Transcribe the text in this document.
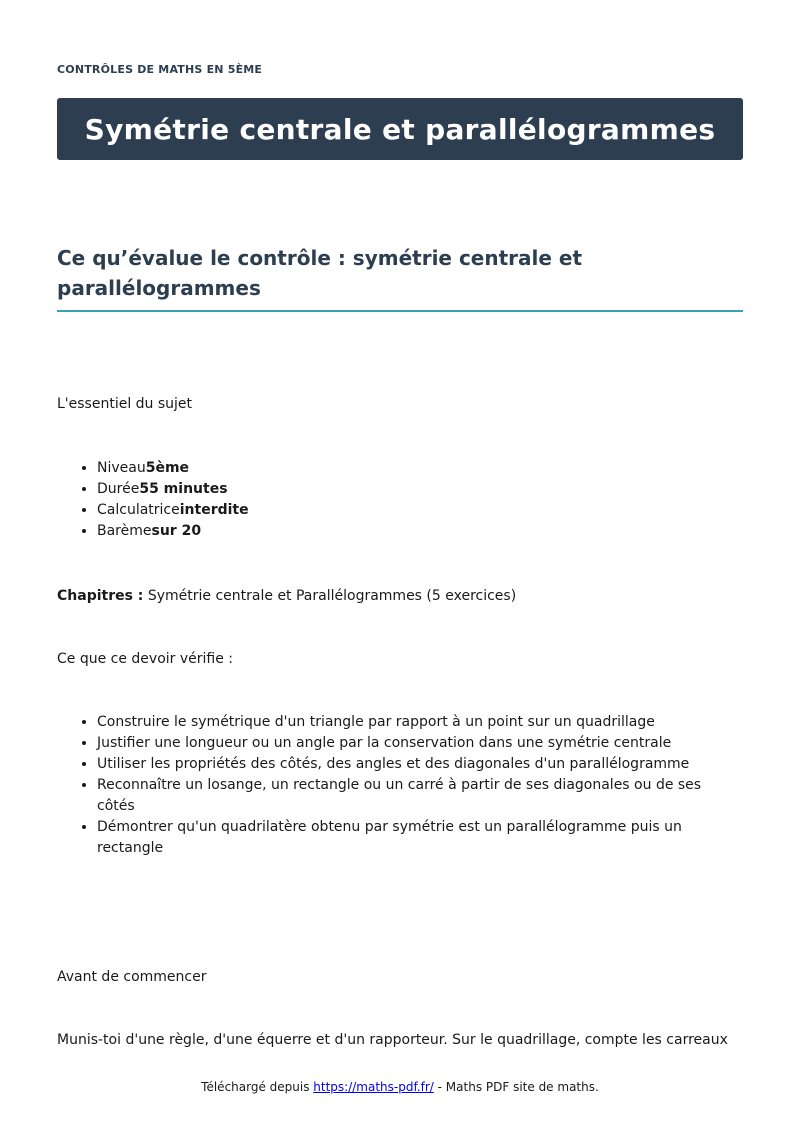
CONTRÔLES DE MATHS EN 5ÈME
Symétrie centrale et parallélogrammes
Ce qu’évalue le contrôle : symétrie centrale et parallélogrammes
L'essentiel du sujet
• Niveau5ème
• Durée55 minutes
• Calculatriceinterdite
• Barèmesur 20
Chapitres : Symétrie centrale et Parallélogrammes (5 exercices)
Ce que ce devoir vérifie :
• Construire le symétrique d'un triangle par rapport à un point sur un quadrillage
• Justifier une longueur ou un angle par la conservation dans une symétrie centrale
• Utiliser les propriétés des côtés, des angles et des diagonales d'un parallélogramme
• Reconnaître un losange, un rectangle ou un carré à partir de ses diagonales ou de ses côtés
• Démontrer qu'un quadrilatère obtenu par symétrie est un parallélogramme puis un rectangle
Avant de commencer
Munis-toi d'une règle, d'une équerre et d'un rapporteur. Sur le quadrillage, compte les carreaux
Téléchargé depuis https://maths-pdf.fr/ - Maths PDF site de maths.
